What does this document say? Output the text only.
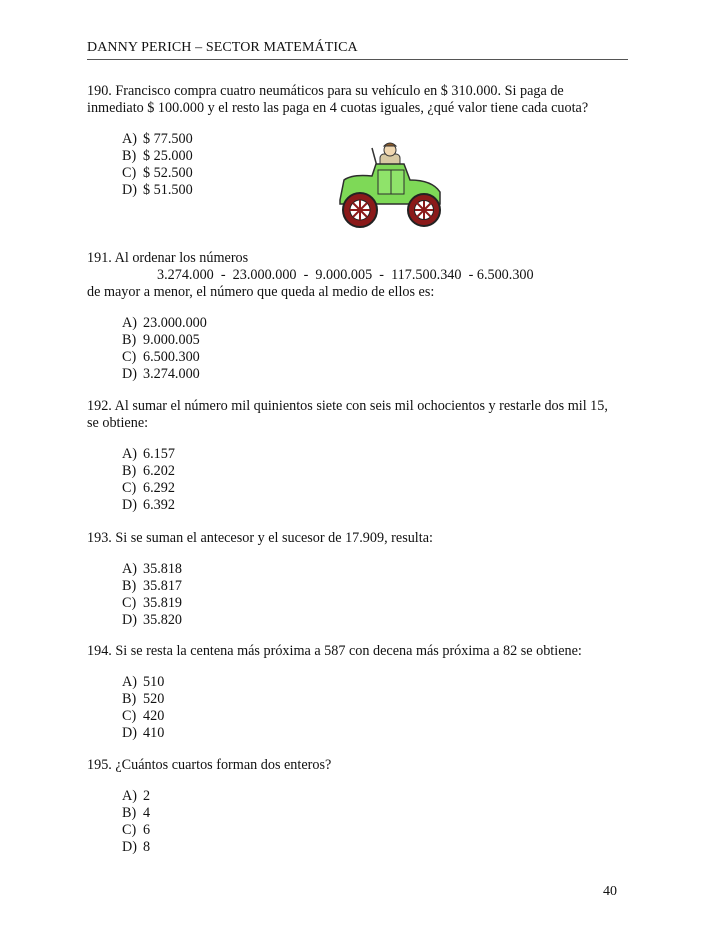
DANNY PERICH – SECTOR MATEMÁTICA

190. Francisco compra cuatro neumáticos para su vehículo en $ 310.000. Si paga de

inmediato $ 100.000 y el resto las paga en 4 cuotas iguales, ¿qué valor tiene cada cuota?

A) $ 77.500
B) $ 25.000
C) $ 52.500
D) $ 51.500

191. Al ordenar los números

3.274.000  -  23.000.000  -  9.000.005  -  117.500.340  - 6.500.300

de mayor a menor, el número que queda al medio de ellos es:

A) 23.000.000
B) 9.000.005
C) 6.500.300
D) 3.274.000

192. Al sumar el número mil quinientos siete con seis mil ochocientos y restarle dos mil 15,

se obtiene:

A) 6.157
B) 6.202
C) 6.292
D) 6.392

193. Si se suman el antecesor y el sucesor de 17.909, resulta:

A) 35.818
B) 35.817
C) 35.819
D) 35.820

194. Si se resta la centena más próxima a 587 con decena más próxima a 82 se obtiene:

A) 510
B) 520
C) 420
D) 410

195. ¿Cuántos cuartos forman dos enteros?

A) 2
B) 4
C) 6
D) 8
40
